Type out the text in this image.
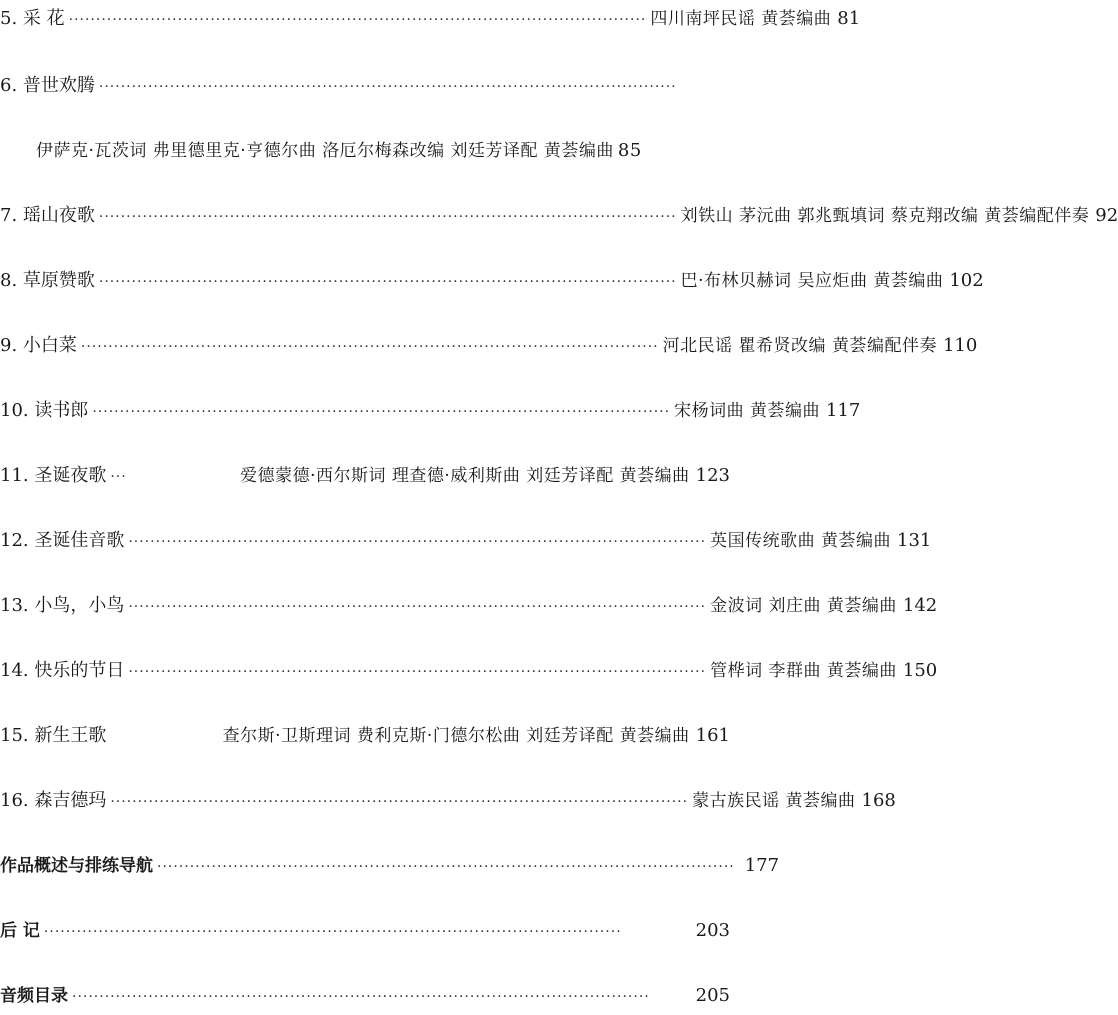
5. 采 花 ·········································································································· 四川南坪民谣 黄荟编曲 81
6. 普世欢腾 ··········································································································
伊萨克·瓦茨词 弗里德里克·亨德尔曲 洛厄尔梅森改编 刘廷芳译配 黄荟编曲 85
7. 瑶山夜歌 ·········································································································· 刘铁山 茅沅曲 郭兆甄填词 蔡克翔改编 黄荟编配伴奏 92
8. 草原赞歌 ·········································································································· 巴·布林贝赫词 吴应炬曲 黄荟编曲 102
9. 小白菜 ·········································································································· 河北民谣 瞿希贤改编 黄荟编配伴奏 110
10. 读书郎 ·········································································································· 宋杨词曲 黄荟编曲 117
11. 圣诞夜歌 ···	爱德蒙德·西尔斯词 理查德·威利斯曲 刘廷芳译配 黄荟编曲 123
12. 圣诞佳音歌 ·········································································································· 英国传统歌曲 黄荟编曲 131
13. 小鸟，小鸟 ·········································································································· 金波词 刘庄曲 黄荟编曲 142
14. 快乐的节日 ·········································································································· 管桦词 李群曲 黄荟编曲 150
15. 新生王歌	查尔斯·卫斯理词 费利克斯·门德尔松曲 刘廷芳译配 黄荟编曲 161
16. 森吉德玛 ·········································································································· 蒙古族民谣 黄荟编曲 168
作品概述与排练导航 ·········································································································· 177
后 记 ··········································································································	203
音频目录 ··········································································································	205
